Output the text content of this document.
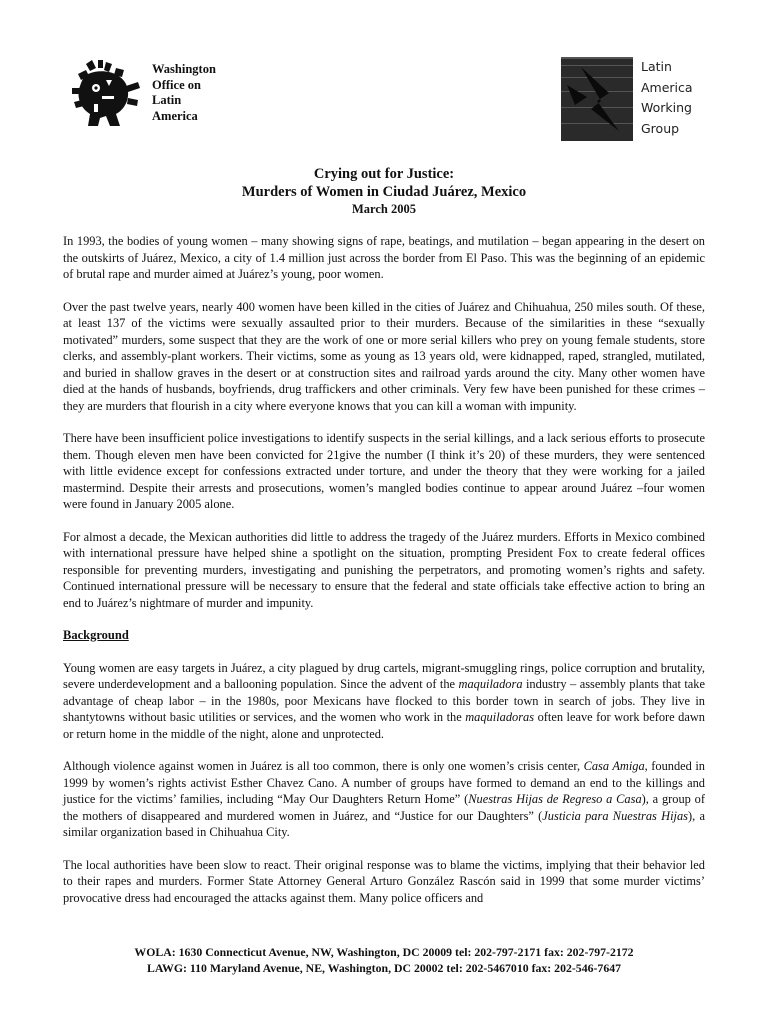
Washington
Office on
Latin
America
Latin
America
Working
Group
Crying out for Justice:
Murders of Women in Ciudad Juárez, Mexico
March 2005

In 1993, the bodies of young women – many showing signs of rape, beatings, and mutilation – began appearing in the desert on the outskirts of Juárez, Mexico, a city of 1.4 million just across the border from El Paso. This was the beginning of an epidemic of brutal rape and murder aimed at Juárez’s young, poor women.

Over the past twelve years, nearly 400 women have been killed in the cities of Juárez and Chihuahua, 250 miles south. Of these, at least 137 of the victims were sexually assaulted prior to their murders. Because of the similarities in these “sexually motivated” murders, some suspect that they are the work of one or more serial killers who prey on young female students, store clerks, and assembly-plant workers. Their victims, some as young as 13 years old, were kidnapped, raped, strangled, mutilated, and buried in shallow graves in the desert or at construction sites and railroad yards around the city. Many other women have died at the hands of husbands, boyfriends, drug traffickers and other criminals. Very few have been punished for these crimes – they are murders that flourish in a city where everyone knows that you can kill a woman with impunity.

There have been insufficient police investigations to identify suspects in the serial killings, and a lack serious efforts to prosecute them. Though eleven men have been convicted for 21give the number (I think it’s 20) of these murders, they were sentenced with little evidence except for confessions extracted under torture, and under the theory that they were working for a jailed mastermind. Despite their arrests and prosecutions, women’s mangled bodies continue to appear around Juárez –four women were found in January 2005 alone.

For almost a decade, the Mexican authorities did little to address the tragedy of the Juárez murders. Efforts in Mexico combined with international pressure have helped shine a spotlight on the situation, prompting President Fox to create federal offices responsible for preventing murders, investigating and punishing the perpetrators, and promoting women’s rights and safety. Continued international pressure will be necessary to ensure that the federal and state officials take effective action to bring an end to Juárez’s nightmare of murder and impunity.

Background

Young women are easy targets in Juárez, a city plagued by drug cartels, migrant-smuggling rings, police corruption and brutality, severe underdevelopment and a ballooning population. Since the advent of the maquiladora industry – assembly plants that take advantage of cheap labor – in the 1980s, poor Mexicans have flocked to this border town in search of jobs. They live in shantytowns without basic utilities or services, and the women who work in the maquiladoras often leave for work before dawn or return home in the middle of the night, alone and unprotected.

Although violence against women in Juárez is all too common, there is only one women’s crisis center, Casa Amiga, founded in 1999 by women’s rights activist Esther Chavez Cano. A number of groups have formed to demand an end to the killings and justice for the victims’ families, including “May Our Daughters Return Home” (Nuestras Hijas de Regreso a Casa), a group of the mothers of disappeared and murdered women in Juárez, and “Justice for our Daughters” (Justicia para Nuestras Hijas), a similar organization based in Chihuahua City.

The local authorities have been slow to react. Their original response was to blame the victims, implying that their behavior led to their rapes and murders. Former State Attorney General Arturo González Rascón said in 1999 that some murder victims’ provocative dress had encouraged the attacks against them. Many police officers and

WOLA: 1630 Connecticut Avenue, NW, Washington, DC 20009 tel: 202-797-2171 fax: 202-797-2172
LAWG: 110 Maryland Avenue, NE, Washington, DC 20002 tel: 202-5467010 fax: 202-546-7647
